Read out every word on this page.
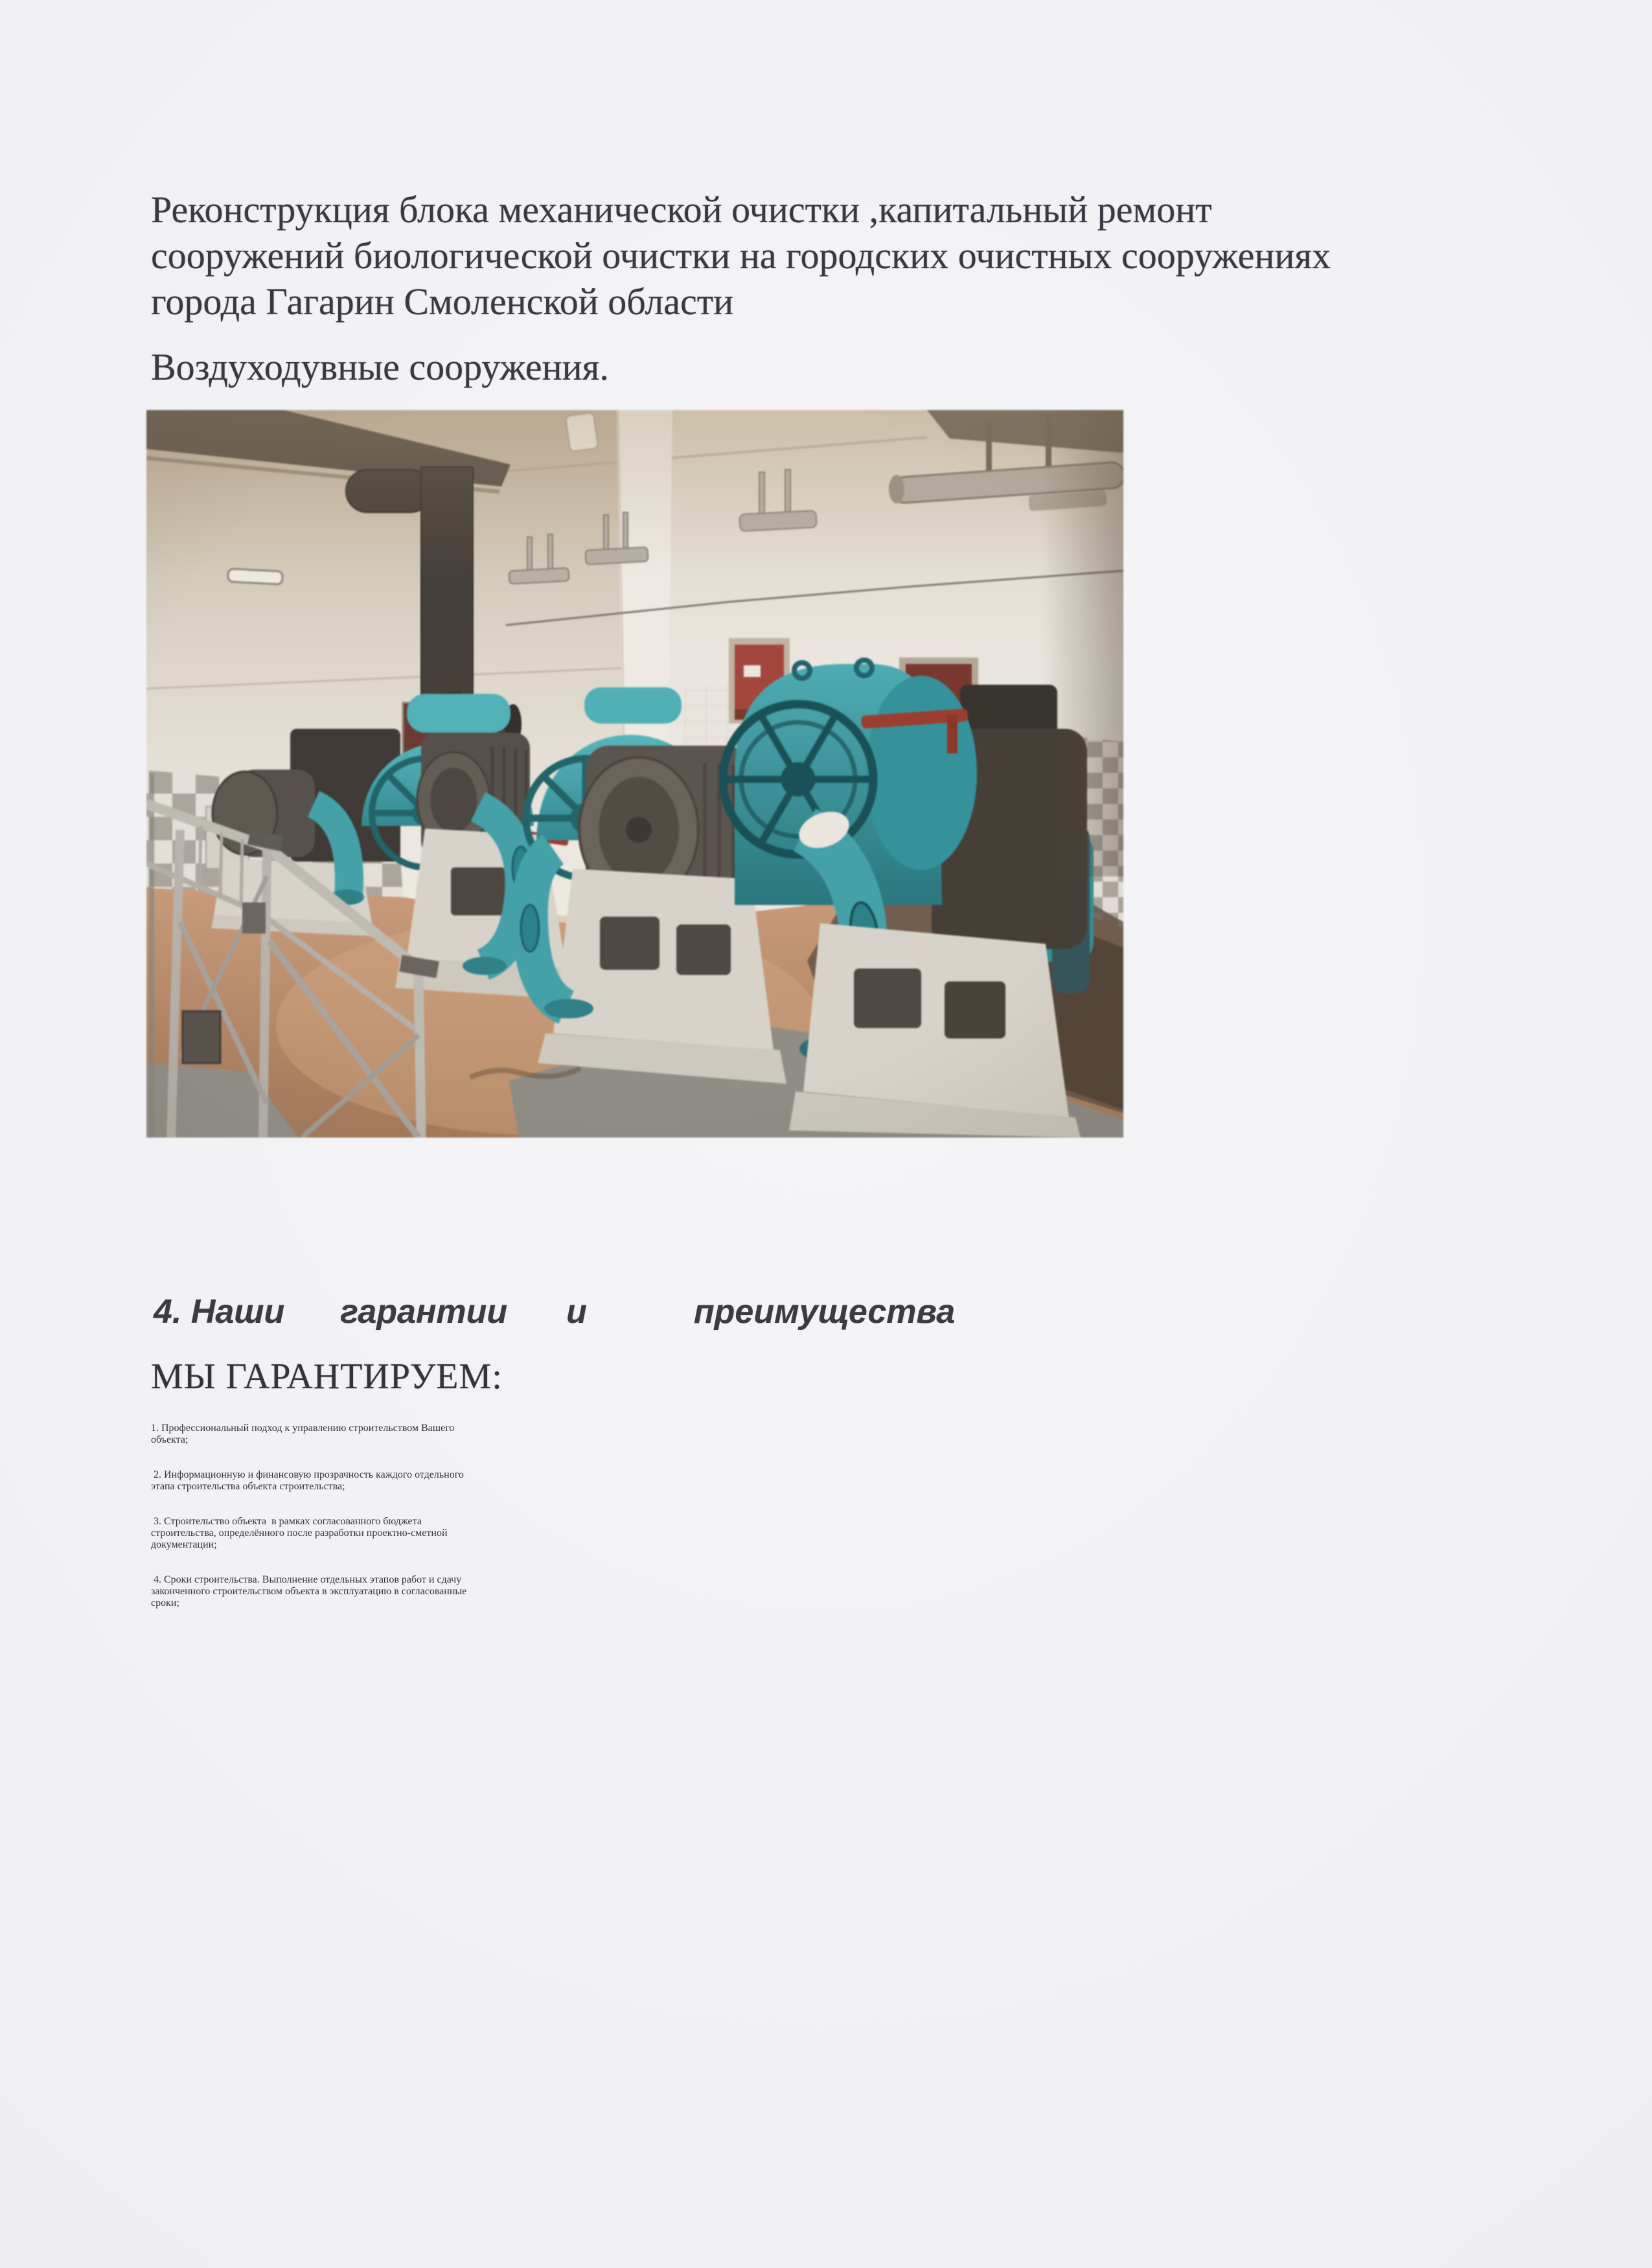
Реконструкция блока механической очистки ,капитальный ремонт
сооружений биологической очистки на городских очистных сооружениях
города Гагарин Смоленской области
Воздуходувные сооружения.
4. Наши гарантии и	преимущества
МЫ ГАРАНТИРУЕМ:

1. Профессиональный подход к управлению строительством Вашего
объекта;

2. Информационную и финансовую прозрачность каждого отдельного
этапа строительства объекта строительства;

3. Строительство объекта  в рамках согласованного бюджета
строительства, определённого после разработки проектно-сметной
документации;

4. Сроки строительства. Выполнение отдельных этапов работ и сдачу
законченного строительством объекта в эксплуатацию в согласованные
сроки;
